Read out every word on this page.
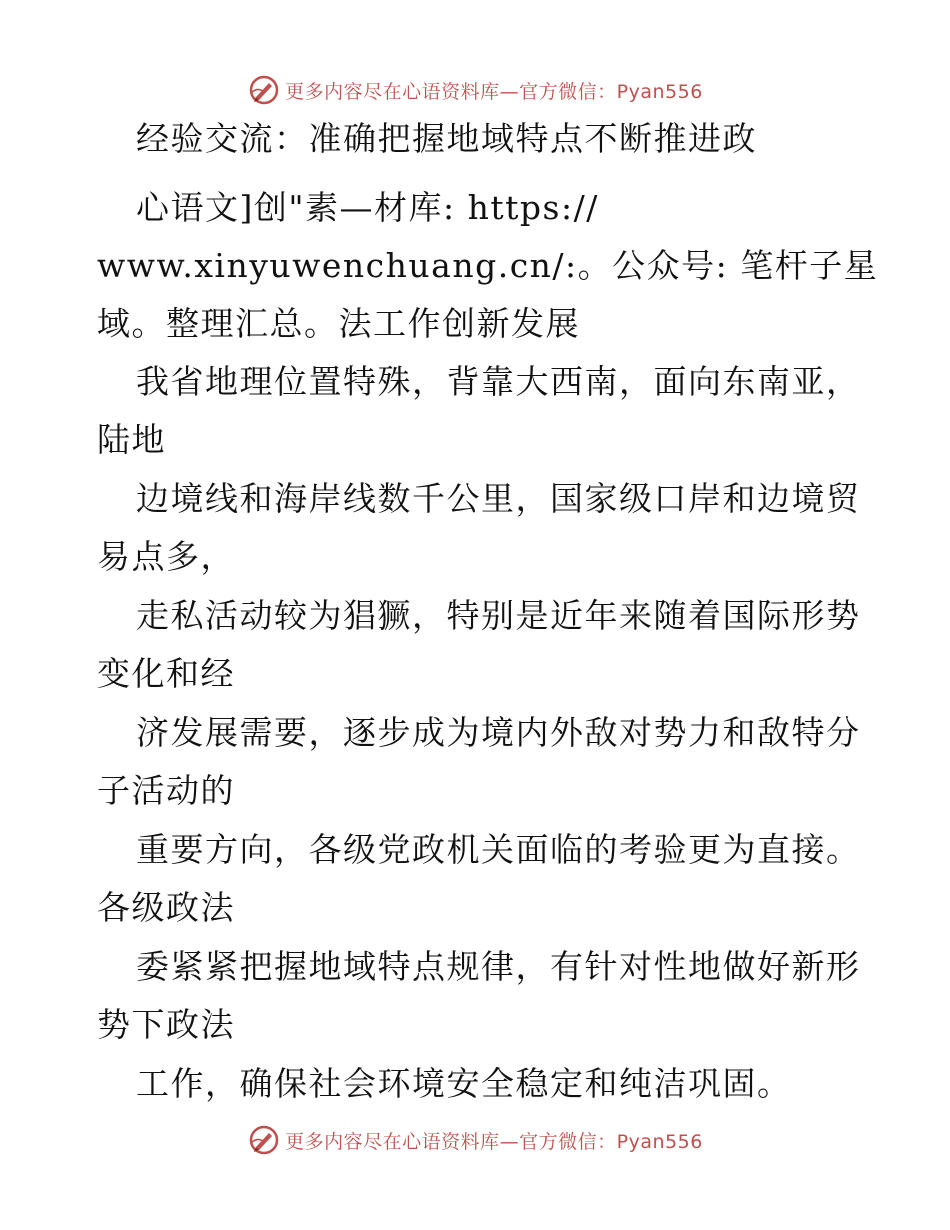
更多内容尽在心语资料库—官方微信：Pyan556
经验交流：准确把握地域特点不断推进政
心语文]创"素—材库: https://
www.xinyuwenchuang.cn/:。公众号: 笔杆子星
域。整理汇总。法工作创新发展
我省地理位置特殊，背靠大西南，面向东南亚，
陆地
边境线和海岸线数千公里，国家级口岸和边境贸
易点多，
走私活动较为猖獗，特别是近年来随着国际形势
变化和经
济发展需要，逐步成为境内外敌对势力和敌特分
子活动的
重要方向，各级党政机关面临的考验更为直接。
各级政法
委紧紧把握地域特点规律，有针对性地做好新形
势下政法
工作，确保社会环境安全稳定和纯洁巩固。
更多内容尽在心语资料库—官方微信：Pyan556
